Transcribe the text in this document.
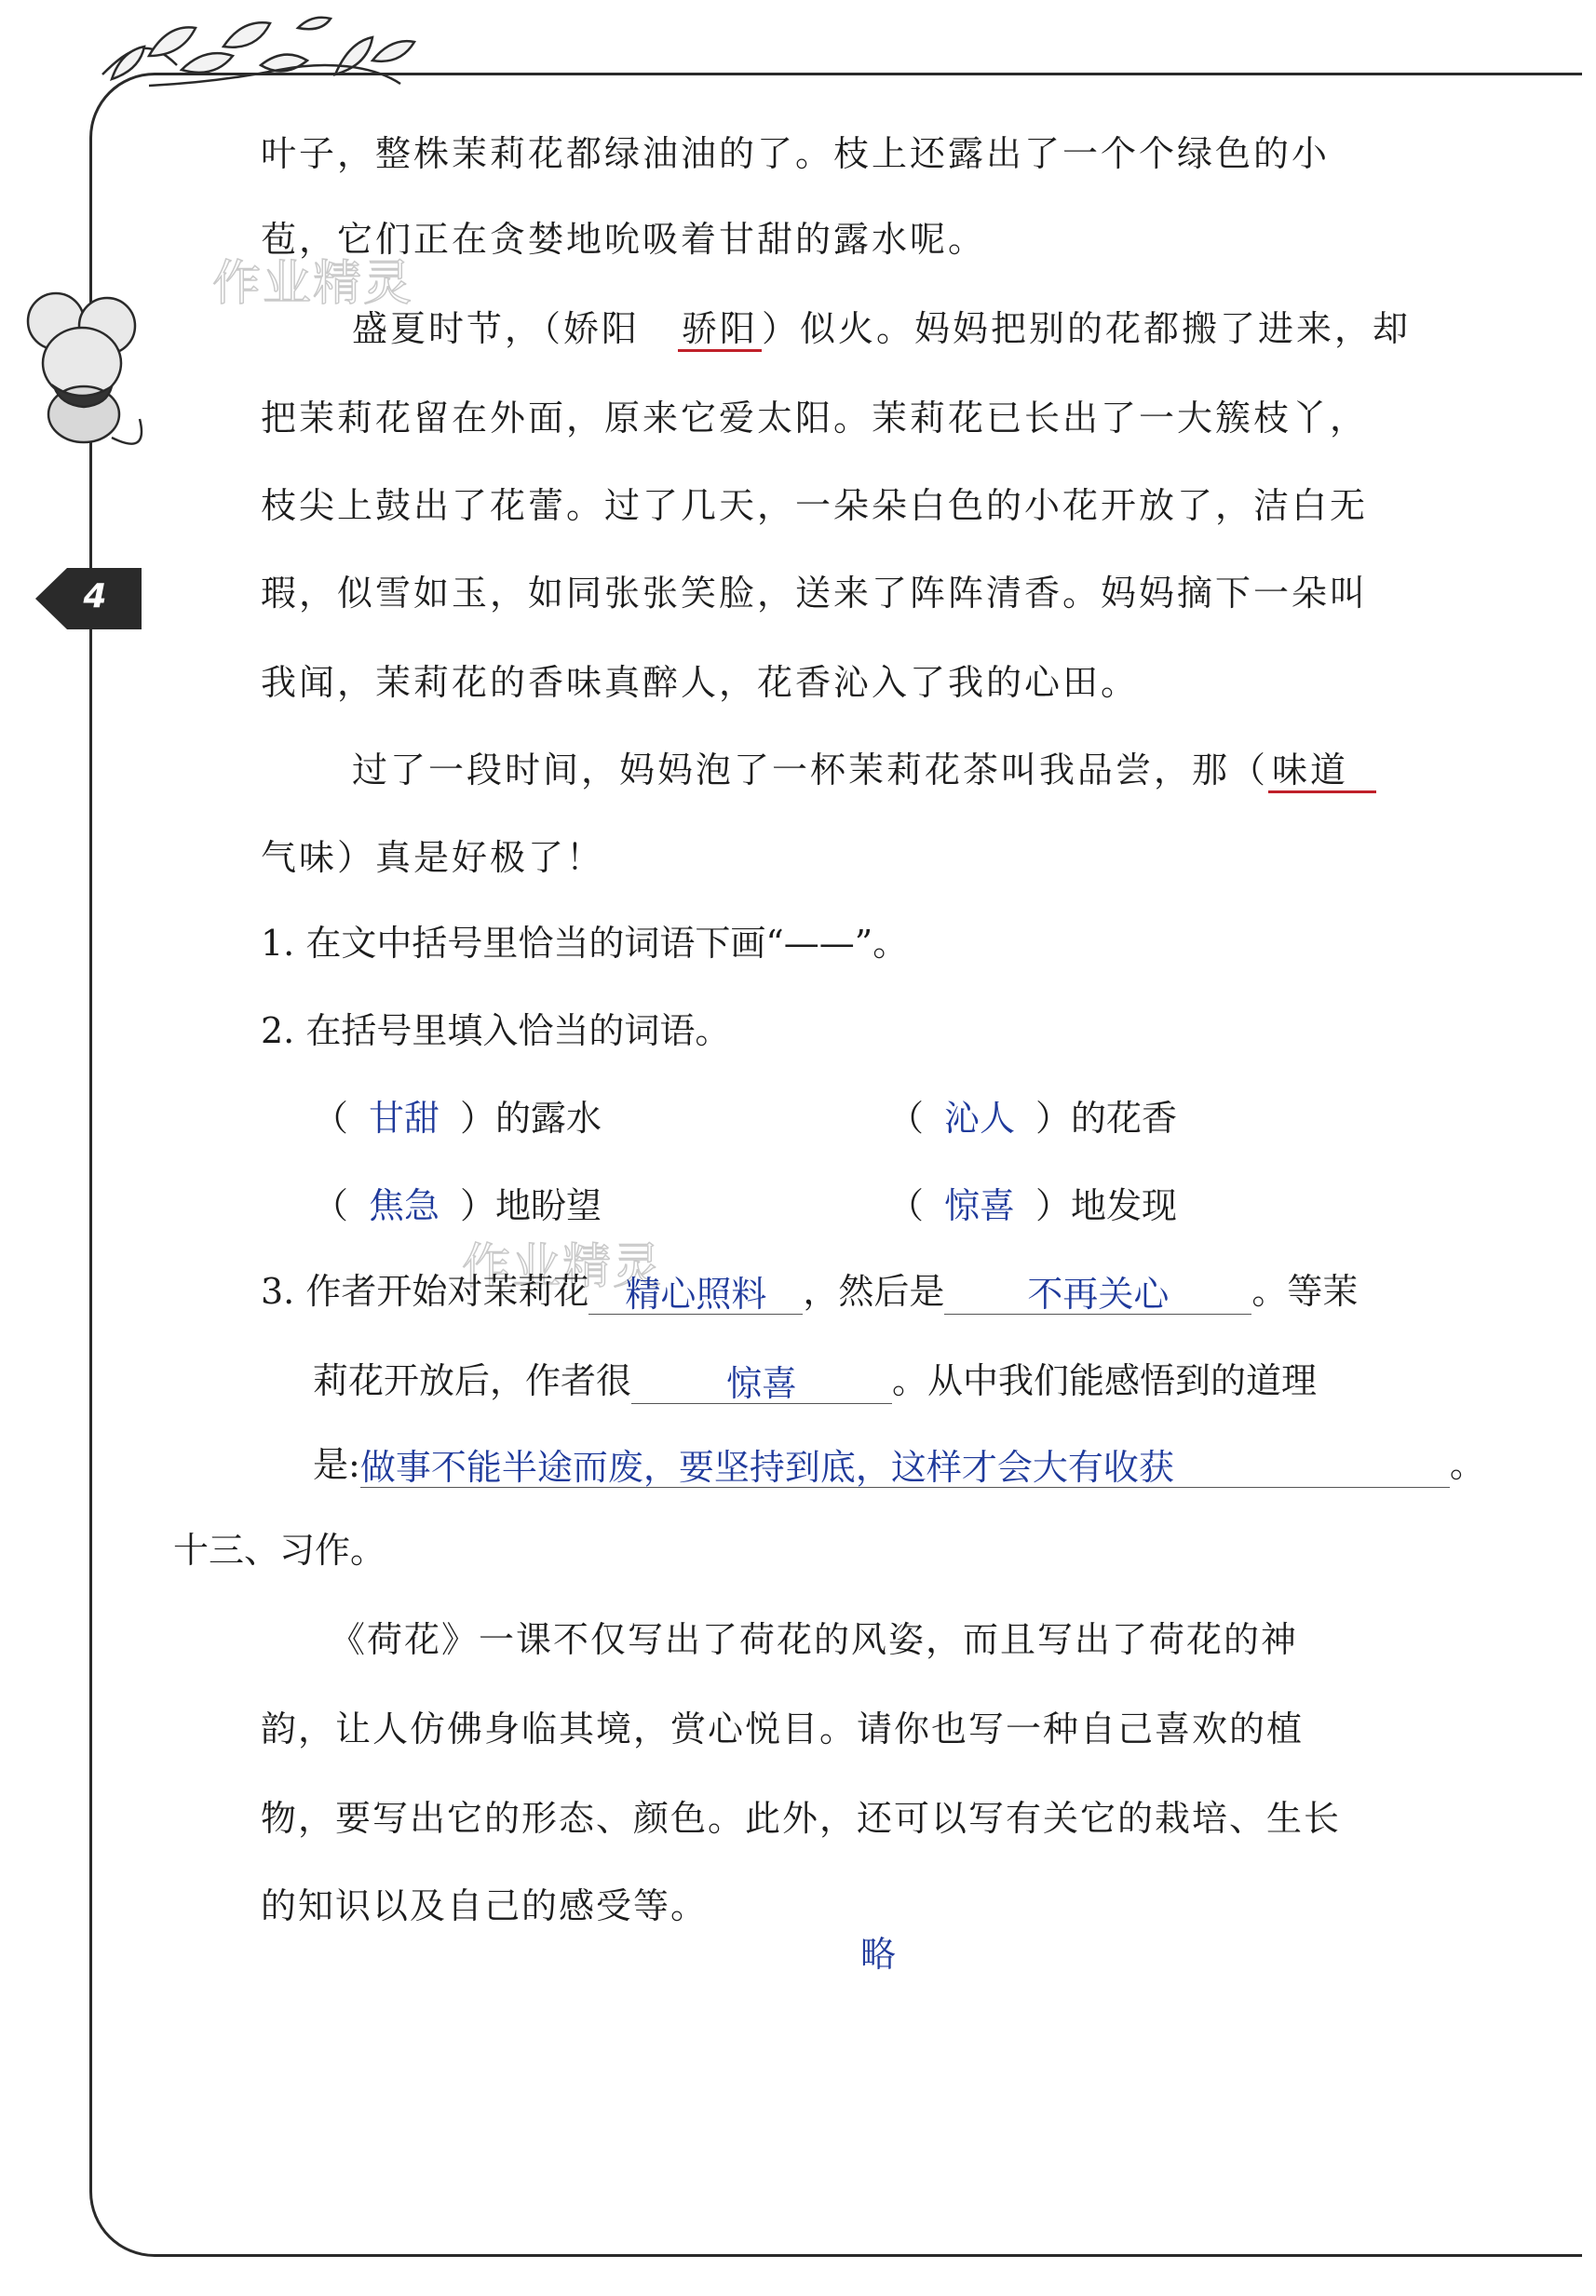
4
作业精灵
作业精灵
叶子，整株茉莉花都绿油油的了。枝上还露出了一个个绿色的小
苞，它们正在贪婪地吮吸着甘甜的露水呢。
盛夏时节，（娇阳　骄阳 ）似火。妈妈把别的花都搬了进来，却
把茉莉花留在外面，原来它爱太阳。茉莉花已长出了一大簇枝丫，
枝尖上鼓出了花蕾。过了几天，一朵朵白色的小花开放了，洁白无
瑕，似雪如玉，如同张张笑脸，送来了阵阵清香。妈妈摘下一朵叫
我闻，茉莉花的香味真醉人，花香沁入了我的心田。
过了一段时间，妈妈泡了一杯茉莉花茶叫我品尝，那（ 味道
气味）真是好极了！
1. 在文中括号里恰当的词语下画“——”。
2. 在括号里填入恰当的词语。
（ 甘甜 ）的露水	（ 沁人 ）的花香
（ 焦急 ）地盼望	（ 惊喜 ）地发现
3. 作者开始对茉莉花 精心照料 ，然后是 不再关心 。等茉
莉花开放后，作者很	惊喜	。从中我们能感悟到的道理
是:做事不能半途而废，要坚持到底，这样才会大有收获	。
十三、习作。
《荷花》一课不仅写出了荷花的风姿，而且写出了荷花的神
韵，让人仿佛身临其境，赏心悦目。请你也写一种自己喜欢的植
物，要写出它的形态、颜色。此外，还可以写有关它的栽培、生长
的知识以及自己的感受等。
略
